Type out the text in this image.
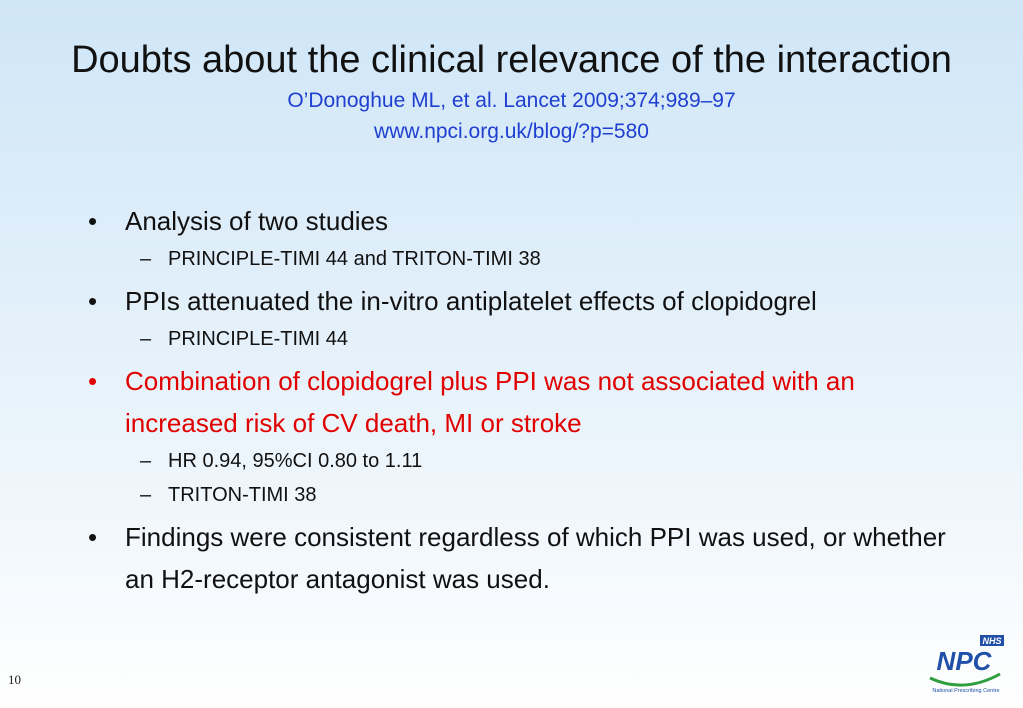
Doubts about the clinical relevance of the interaction
O’Donoghue ML, et al. Lancet 2009;374;989–97
www.npci.org.uk/blog/?p=580
• Analysis of two studies
– PRINCIPLE-TIMI 44 and TRITON-TIMI 38
• PPIs attenuated the in-vitro antiplatelet effects of clopidogrel
– PRINCIPLE-TIMI 44
• Combination of clopidogrel plus PPI was not associated with an increased risk of CV death, MI or stroke
– HR 0.94, 95%CI 0.80 to 1.11
– TRITON-TIMI 38
• Findings were consistent regardless of which PPI was used, or whether an H2-receptor antagonist was used.
10
NHS
NPC
National Prescribing Centre
